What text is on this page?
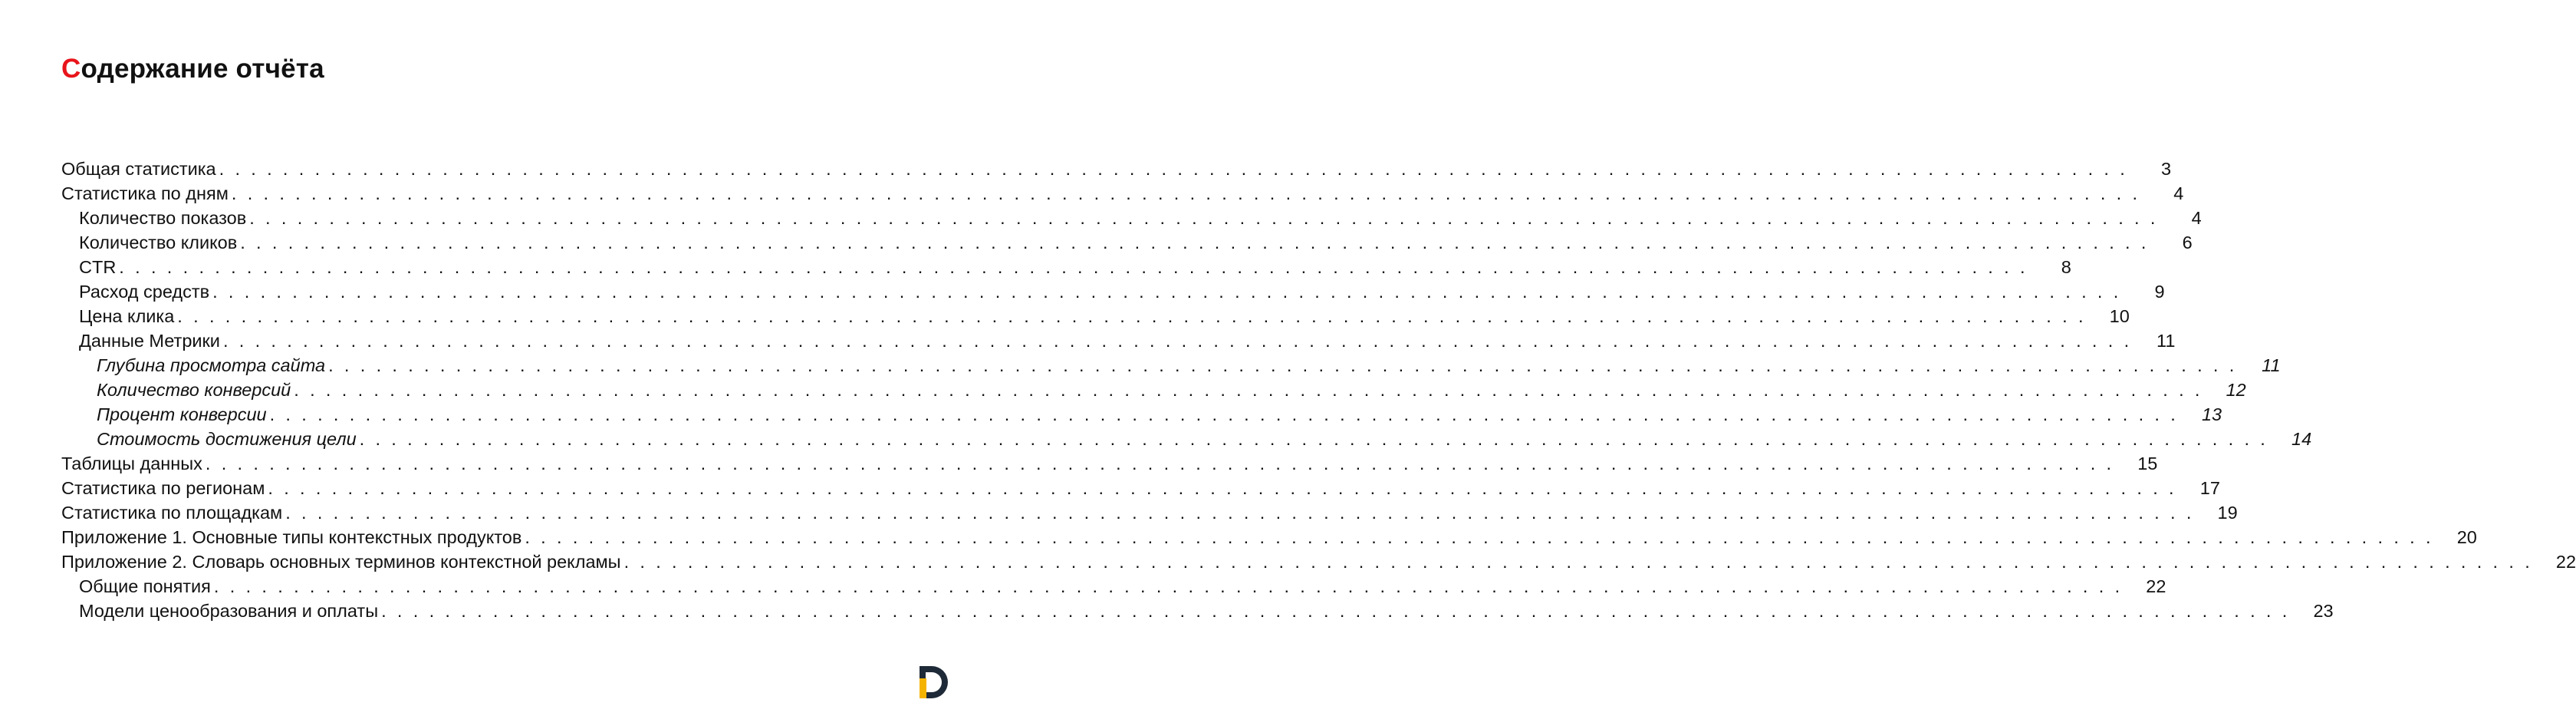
Содержание отчёта
Общая статистика ........................................................................................................................	3
Статистика по дням ........................................................................................................................	4
Количество показов ........................................................................................................................	4
Количество кликов ........................................................................................................................	6
CTR ........................................................................................................................	8
Расход средств ........................................................................................................................	9
Цена клика ........................................................................................................................ 10
Данные Метрики ........................................................................................................................ 11
Глубина просмотра сайта ........................................................................................................................ 11
Количество конверсий ........................................................................................................................ 12
Процент конверсии ........................................................................................................................ 13
Стоимость достижения цели ........................................................................................................................ 14
Таблицы данных ........................................................................................................................ 15
Статистика по регионам ........................................................................................................................ 17
Статистика по площадкам ........................................................................................................................ 19
Приложение 1. Основные типы контекстных продуктов ........................................................................................................................ 20
Приложение 2. Словарь основных терминов контекстной рекламы ........................................................................................................................ 22
Общие понятия ........................................................................................................................ 22
Модели ценообразования и оплаты ........................................................................................................................ 23
